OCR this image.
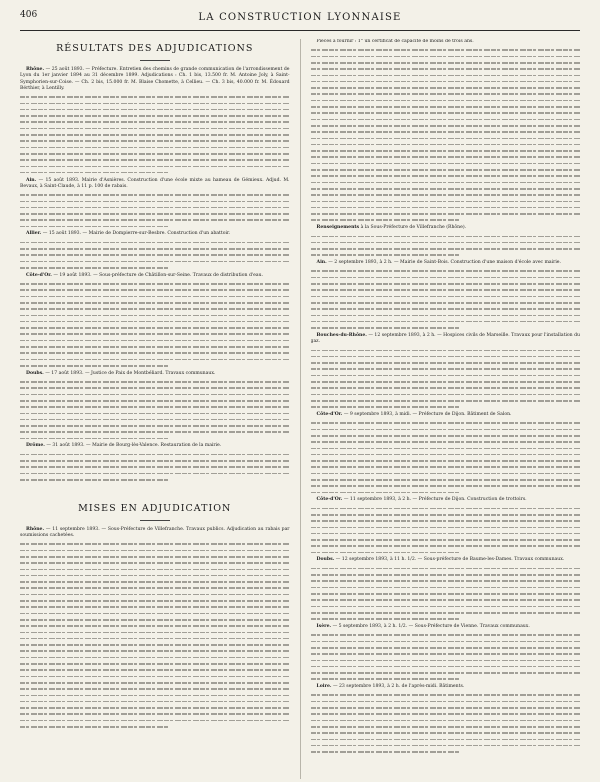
406	LA CONSTRUCTION LYONNAISE
RÉSULTATS DES ADJUDICATIONS

Rhône. — 25 août 1893. — Préfecture. Entretien des chemins de grande communication de l'arrondissement de Lyon du 1er janvier 1894 au 31 décembre 1899. Adjudications : Ch. 1 bis, 13.500 fr. M. Antoine Joly, à Saint-Symphorien-sur-Coise. — Ch. 2 bis, 15.000 fr. M. Blaise Chomette, à Cellieu. — Ch. 3 bis, 40.000 fr. M. Édouard Bérthier, à Lentilly.

Ain. — 15 août 1893. Mairie d'Asnières. Construction d'une école mixte au hameau de Gémieux. Adjud. M. Bevaux, à Saint-Claude, à 11 p. 100 de rabais.

Allier. — 15 août 1893. — Mairie de Dompierre-sur-Besbre. Construction d'un abattoir.

Côte-d'Or. — 19 août 1893. — Sous-préfecture de Châtillon-sur-Seine. Travaux de distribution d'eau.

Doubs. — 17 août 1893. — Justice de Paix de Montbéliard. Travaux communaux.

Drôme. — 31 août 1893. — Mairie de Bourg-lès-Valence. Restauration de la mairie.

MISES EN ADJUDICATION

Rhône. — 11 septembre 1893. — Sous-Préfecture de Villefranche. Travaux publics. Adjudication au rabais par soumissions cachetées.

Pièces à fournir : 1° un certificat de capacité de moins de trois ans.

Renseignements à la Sous-Préfecture de Villefranche (Rhône).

Ain. — 2 septembre 1893, à 2 h. — Mairie de Saint-Bois. Construction d'une maison d'école avec mairie.

Bouches-du-Rhône. — 12 septembre 1893, à 2 h. — Hospices civils de Marseille. Travaux pour l'installation du gaz.

Côte-d'Or. — 9 septembre 1893, à midi. — Préfecture de Dijon. Bâtiment de Salon.

Côte-d'Or. — 11 septembre 1893, à 2 h. — Préfecture de Dijon. Construction de trottoirs.

Doubs. — 12 septembre 1893, à 11 h. 1/2. — Sous-préfecture de Baume-les-Dames. Travaux communaux.

Isère. — 5 septembre 1893, à 2 h. 1/2. — Sous-Préfecture de Vienne. Travaux communaux.

Loire. — 23 septembre 1893, à 2 h. de l'après-midi. Bâtiments.
